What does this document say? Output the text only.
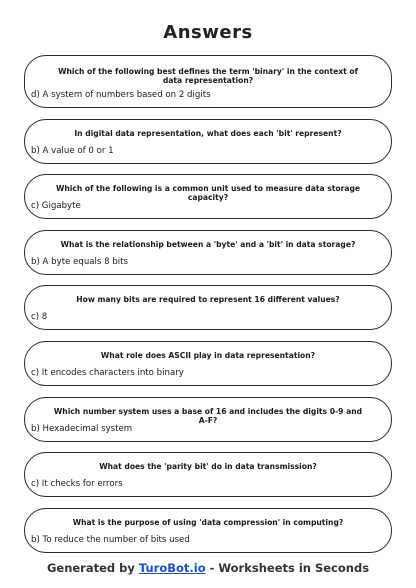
Answers
Which of the following best defines the term 'binary' in the context of data representation?
d) A system of numbers based on 2 digits
In digital data representation, what does each 'bit' represent?
b) A value of 0 or 1
Which of the following is a common unit used to measure data storage capacity?
c) Gigabyte
What is the relationship between a 'byte' and a 'bit' in data storage?
b) A byte equals 8 bits
How many bits are required to represent 16 different values?
c) 8
What role does ASCII play in data representation?
c) It encodes characters into binary
Which number system uses a base of 16 and includes the digits 0-9 and A-F?
b) Hexadecimal system
What does the 'parity bit' do in data transmission?
c) It checks for errors
What is the purpose of using 'data compression' in computing?
b) To reduce the number of bits used
Generated by TuroBot.io - Worksheets in Seconds
